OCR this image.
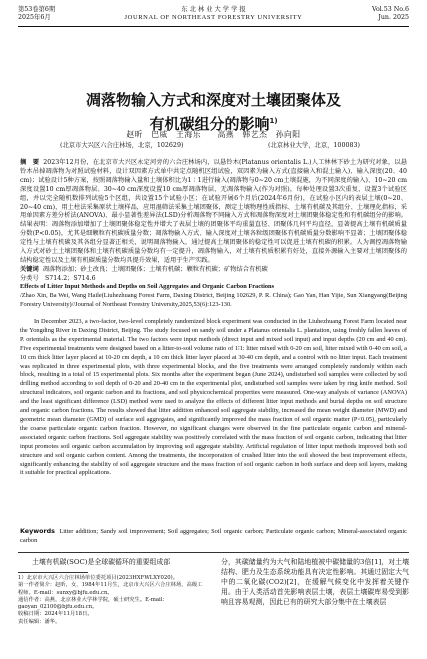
第53卷第6期
2025年6月
东 北 林 业 大 学 学 报
JOURNAL OF NORTHEAST FORESTRY UNIVERSITY
Vol.53 No.6
Jun. 2025
凋落物输入方式和深度对土壤团聚体及
有机碳组分的影响$^{1)}$
赵昕　巴威　王海乐　　高燕　韩艺杰　孙向阳
(北京市大兴区六合庄林场，北京，102629)	(北京林业大学，北京，100083)
摘　要 2023年12月份，在北京市大兴区永定河旁的六合庄林场内，以悬铃木(Platanus orientalis L.)人工林林下砂土为研究对象，以悬铃木吊掉凋落物为对照试验材料，设计双因素方式单中共定点随机区组试验，双因素为输入方式(直接输入和混土输入)、输入深度(20、40 cm)；试验设计5种方案，按照凋落物输入量和土壤体积比为1∶1进行输入(凋落物与0~20 cm土壤混施，为不同深度的输入)、10~20 cm深度设置10 cm厚凋落物层、30~40 cm深度设置10 cm厚凋落物层、无凋落物输入(作为对照)，每种处理设置3次重复，设置3个试验区组，并以完全随机数排列试验5个区组，共设置15个试验小区；在试验开展6个月后(2024年6月份)，在试验小区内的表层土壤(0~20、20~40 cm)，用土柱法采集原状土壤样品，应用湿筛法采集土壤团聚体，测定土壤物理性质指标、土壤有机碳及其组分、土壤理化指标，采用单因素方差分析法(ANOVA)、最小显著性差异法(LSD)分析凋落物不同输入方式和凋落物深度对土壤团聚体稳定性和有机碳组分的影响。结果表明：凋落物添加增加了土壤团聚体稳定性并增大了表层土壤的团聚体平均重量直径、团聚体几何平均直径，显著提高土壤有机碳质量分数(P<0.05)，尤其是细颗粒有机碳质量分数；凋落物输入方式、输入深度对土壤各粒级团聚体有机碳质量分数影响不显著；土壤团聚体稳定性与土壤有机碳及其各组分显著正相关，说明凋落物输入，通过提高土壤团聚体的稳定性可以促进土壤有机碳的积累。人为调控凋落物输入方式对砂土土壤团聚体和土壤有机碳质量分数均有一定提升，凋落物输入，对土壤有机质积累有好处，直接外源输入主要对土壤团聚体的结构稳定性以及土壤有机碳质量分数均具提升效果，适用于生产实践。
关键词 凋落物添加；砂土改良；土壤团聚体；土壤有机碳；颗粒有机碳；矿物结合有机碳
分类号　S714.2；S714.6
Effects of Litter Input Methods and Depths on Soil Aggregates and Organic Carbon Fractions
/Zhao Xin, Ba Wei, Wang Haile(Liuhezhuang Forest Farm, Daxing District, Beijing 102629, P. R. China); Gao Yan, Han Yijie, Sun Xiangyang(Beijing Forestry University)//Journal of Northeast Forestry University,2025,53(6):123-130.
In December 2023, a two-factor, two-level completely randomized block experiment was conducted in the Liuhezhuang Forest Farm located near the Yongding River in Daxing District, Beijing. The study focused on sandy soil under a Platanus orientalis L. plantation, using freshly fallen leaves of P. orientalis as the experimental material. The two factors were input methods (direct input and mixed soil input) and input depths (20 cm and 40 cm). Five experimental treatments were designed based on a litter-to-soil volume ratio of 1∶1: litter mixed with 0-20 cm soil, litter mixed with 0-40 cm soil, a 10 cm thick litter layer placed at 10-20 cm depth, a 10 cm thick litter layer placed at 30-40 cm depth, and a control with no litter input. Each treatment was replicated in three experimental plots, with three experimental blocks, and the five treatments were arranged completely randomly within each block, resulting in a total of 15 experimental plots. Six months after the experiment began (June 2024), undisturbed soil samples were collected by soil drilling method according to soil depth of 0-20 and 20-40 cm in the experimental plot, undisturbed soil samples were taken by ring knife method. Soil structural indicators, soil organic carbon and its fractions, and soil physicochemical properties were measured. One-way analysis of variance (ANOVA) and the least significant difference (LSD) method were used to analyze the effects of different litter input methods and burial depths on soil structure and organic carbon fractions. The results showed that litter addition enhanced soil aggregate stability, increased the mean weight diameter (MWD) and geometric mean diameter (GMD) of surface soil aggregates, and significantly improved the mass fraction of soil organic matter (P<0.05), particularly the coarse particulate organic carbon fraction. However, no significant changes were observed in the fine particulate organic carbon and mineral-associated organic carbon fractions. Soil aggregate stability was positively correlated with the mass fraction of soil organic carbon, indicating that litter input promotes soil organic carbon accumulation by improving soil aggregate stability. Artificial regulation of litter input methods improved both soil structure and soil organic carbon content. Among the treatments, the incorporation of crushed litter into the soil showed the best improvement effects, significantly enhancing the stability of soil aggregate structure and the mass fraction of soil organic carbon in both surface and deep soil layers, making it suitable for practical applications.
Keywords Litter addition; Sandy soil improvement; Soil aggregates; Soil organic carbon; Particulate organic carbon; Mineral-associated organic carbon
土壤有机碳(SOC)是全球碳循环的重要组成部
1）北京市大兴区六合庄林场单位委托项目(2023HXFWLXY020)。
第一作者简介：赵昕，女，1984年11月生，北京市大兴区六合庄林场，高级工程师。E-mail：sunxy@bjfu.edu.cn。
通信作者：高燕，北京林业大学林学院，硕士研究生。E-mail：gaoyan_02100@bjfu.edu.cn。
收稿日期：2024年11月18日。
责任编辑：潘华。
分，其碳储量约为大气和陆地植被中碳储量的3倍[1]，对土壤结构、肥力及生态系统功能具有决定性影响。其通过固定大气中的二氧化碳(CO2)[2]，在缓解气候变化中发挥着关键作用。由于人类活动首先影响表层土壤，表层土壤碳库易受到影响且容易观测，因此已有的研究大部分集中在土壤表层
